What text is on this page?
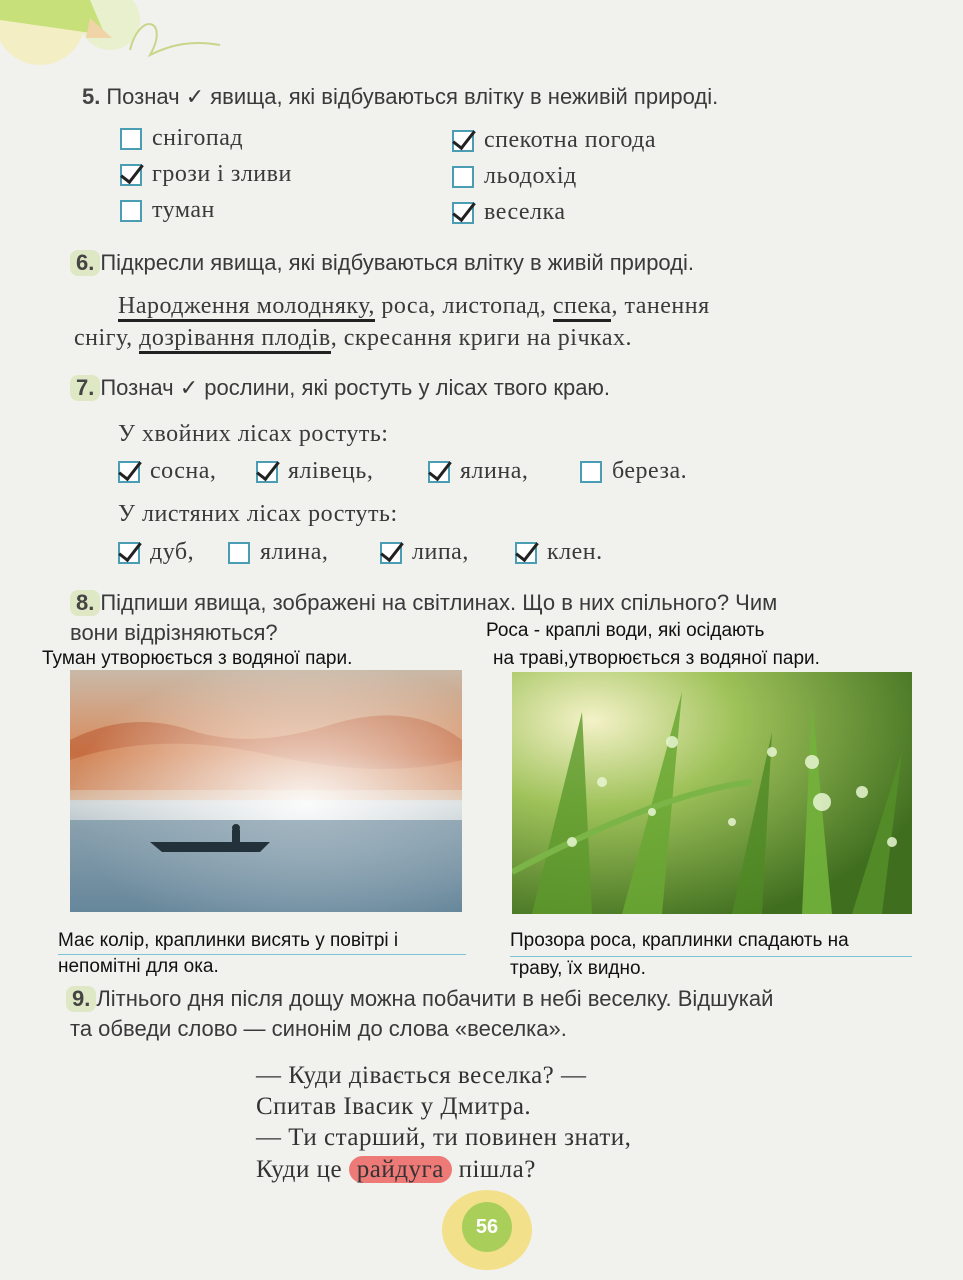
5. Познач ✓ явища, які відбуваються влітку в неживій природі.
снігопад
грози і зливи
туман
спекотна погода
льодохід
веселка
6. Підкресли явища, які відбуваються влітку в живій природі.
Народження молодняку, роса, листопад, спека, танення
снігу, дозрівання плодів, скресання криги на річках.
7. Познач ✓ рослини, які ростуть у лісах твого краю.
У хвойних лісах ростуть:
сосна,	ялівець,	ялина,	береза.
У листяних лісах ростуть:
дуб,	ялина,	липа,	клен.
8. Підпиши явища, зображені на світлинах. Що в них спільного? Чим
вони відрізняються?	Роса - краплі води, які осідають
Туман утворюється з водяної пари.	на траві,утворюється з водяної пари.
Має колір, краплинки висять у повітрі і
непомітні для ока.
Прозора роса, краплинки спадають на
траву, їх видно.
9. Літнього дня після дощу можна побачити в небі веселку. Відшукай
та обведи слово — синонім до слова «веселка».
— Куди дівається веселка? —
Спитав Івасик у Дмитра.
— Ти старший, ти повинен знати,
Куди це райдуга пішла?
56
